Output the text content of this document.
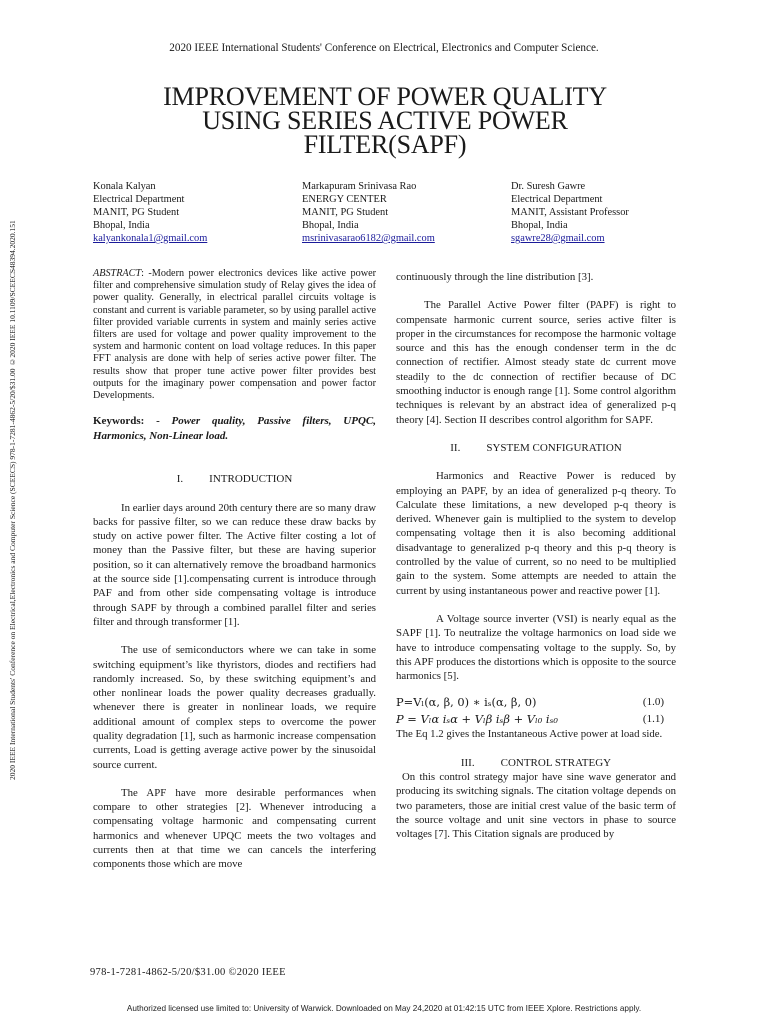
2020 IEEE International Students' Conference on Electrical, Electronics and Computer Science.
IMPROVEMENT OF POWER QUALITY
USING SERIES ACTIVE POWER
FILTER(SAPF)
2020 IEEE International Students' Conference on Electrical,Electronics and Computer Science (SCEECS) 978-1-7281-4862-5/20/$31.00 ©2020 IEEE 10.1109/SCEECS48394.2020.151
Konala Kalyan
Electrical Department
MANIT, PG Student
Bhopal, India
kalyankonala1@gmail.com
Markapuram Srinivasa Rao
ENERGY CENTER
MANIT, PG Student
Bhopal, India
msrinivasarao6182@gmail.com
Dr. Suresh Gawre
Electrical Department
MANIT, Assistant Professor
Bhopal, India
sgawre28@gmail.com

ABSTRACT: -Modern power electronics devices like active power filter and comprehensive simulation study of Relay gives the idea of power quality. Generally, in electrical parallel circuits voltage is constant and current is variable parameter, so by using parallel active filter provided variable currents in system and mainly series active filters are used for voltage and power quality improvement to the system and harmonic content on load voltage reduces. In this paper FFT analysis are done with help of series active power filter. The results show that proper tune active power filter provides best outputs for the imaginary power compensation and power factor Developments.

Keywords: - Power quality, Passive filters, UPQC, Harmonics, Non-Linear load.

I. INTRODUCTION

In earlier days around 20th century there are so many draw backs for passive filter, so we can reduce these draw backs by study on active power filter. The Active filter costing a lot of money than the Passive filter, but these are having superior position, so it can alternatively remove the broadband harmonics at the source side [1].compensating current is introduce through PAF and from other side compensating voltage is introduce through SAPF by through a combined parallel filter and series filter and through transformer [1].

The use of semiconductors where we can take in some switching equipment’s like thyristors, diodes and rectifiers had randomly increased. So, by these switching equipment’s and other nonlinear loads the power quality decreases gradually. whenever there is greater in nonlinear loads, we require additional amount of complex steps to overcome the power quality degradation [1], such as harmonic increase compensation currents, Load is getting average active power by the sinusoidal source current.

The APF have more desirable performances when compare to other strategies [2]. Whenever introducing a compensating voltage harmonic and compensating current harmonics and whenever UPQC meets the two voltages and currents then at that time we can cancels the interfering components those which are move

continuously through the line distribution [3].

The Parallel Active Power filter (PAPF) is right to compensate harmonic current source, series active filter is proper in the circumstances for recompose the harmonic voltage source and this has the enough condenser term in the dc connection of rectifier. Almost steady state dc current move steadily to the dc connection of rectifier because of DC smoothing inductor is enough range [1]. Some control algorithm techniques is relevant by an abstract idea of generalized p-q theory [4]. Section II describes control algorithm for SAPF.

II. SYSTEM CONFIGURATION

Harmonics and Reactive Power is reduced by employing an PAPF, by an idea of generalized p-q theory. To Calculate these limitations, a new developed p-q theory is derived. Whenever gain is multiplied to the system to develop compensating voltage then it is also becoming additional disadvantage to generalized p-q theory and this p-q theory is controlled by the value of current, so no need to be multiplied gain to the system. Some attempts are needed to attain the current by using instantaneous power and reactive power [1].

A Voltage source inverter (VSI) is nearly equal as the SAPF [1]. To neutralize the voltage harmonics on load side we have to introduce compensating voltage to the supply. So, by this APF produces the distortions which is opposite to the source harmonics [5].

P=Vₗ(α, β, 0) ∗ iₛ(α, β, 0)	(1.0)
P = Vₗα iₛα + Vₗβ iₛβ + Vₗ₀ iₛ₀	(1.1)

The Eq 1.2 gives the Instantaneous Active power at load side.

III. CONTROL STRATEGY

On this control strategy major have sine wave generator and producing its switching signals. The citation voltage depends on two parameters, those are initial crest value of the basic term of the source voltage and unit sine vectors in phase to source voltages [7]. This Citation signals are produced by

978-1-7281-4862-5/20/$31.00 ©2020 IEEE
Authorized licensed use limited to: University of Warwick. Downloaded on May 24,2020 at 01:42:15 UTC from IEEE Xplore. Restrictions apply.
